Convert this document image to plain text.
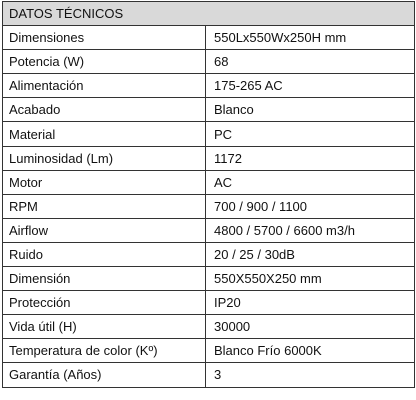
DATOS TÉCNICOS	
Dimensiones	550Lx550Wx250H mm
Potencia (W)	68
Alimentación	175-265 AC
Acabado	Blanco
Material	PC
Luminosidad (Lm)	1172
Motor	AC
RPM	700 / 900 / 1100
Airflow	4800 / 5700 / 6600 m3/h
Ruido	20 / 25 / 30dB
Dimensión	550X550X250 mm
Protección	IP20
Vida útil (H)	30000
Temperatura de color (Kº)	Blanco Frío 6000K
Garantía (Años)	3
